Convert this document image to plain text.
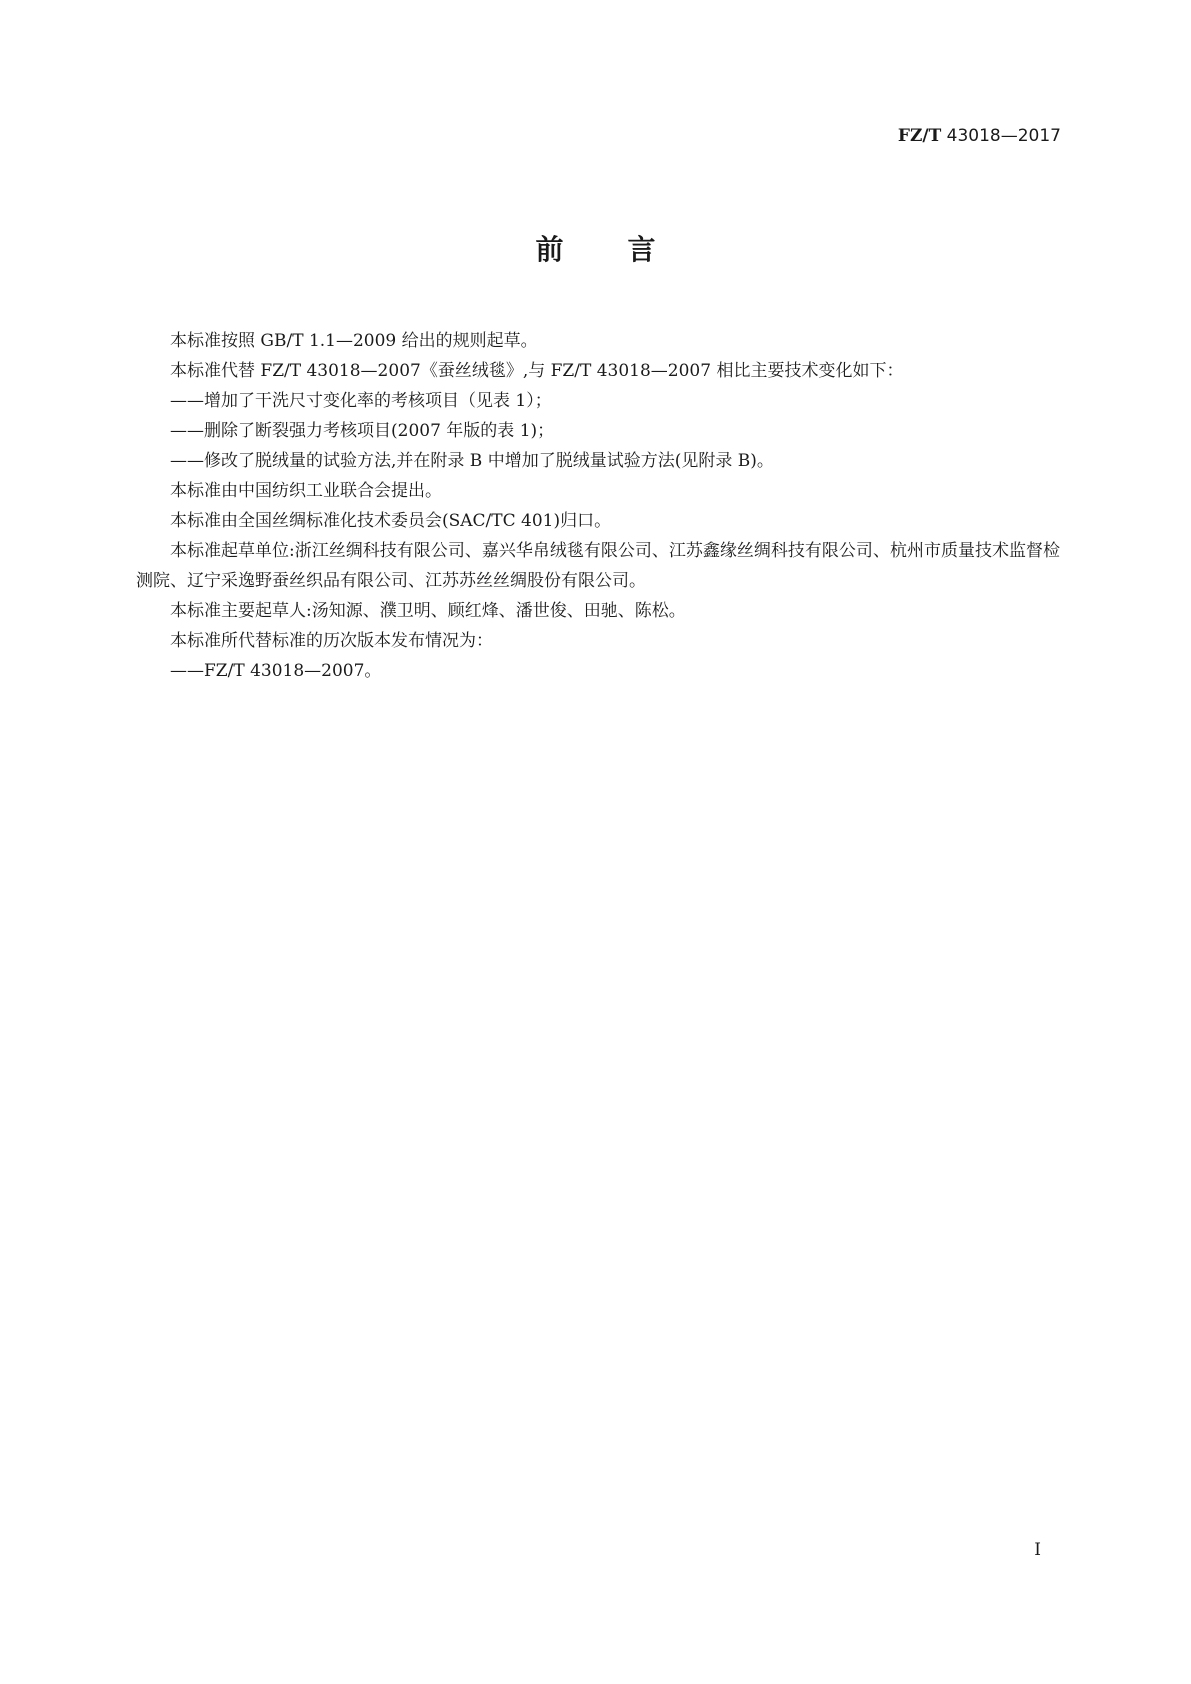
FZ/T 43018—2017
前 言

本标准按照 GB/T 1.1—2009 给出的规则起草。

本标准代替 FZ/T 43018—2007《蚕丝绒毯》,与 FZ/T 43018—2007 相比主要技术变化如下：

——增加了干洗尺寸变化率的考核项目（见表 1）；

——删除了断裂强力考核项目(2007 年版的表 1)；

——修改了脱绒量的试验方法,并在附录 B 中增加了脱绒量试验方法(见附录 B)。

本标准由中国纺织工业联合会提出。

本标准由全国丝绸标准化技术委员会(SAC/TC 401)归口。

本标准起草单位:浙江丝绸科技有限公司、嘉兴华帛绒毯有限公司、江苏鑫缘丝绸科技有限公司、杭州市质量技术监督检测院、辽宁采逸野蚕丝织品有限公司、江苏苏丝丝绸股份有限公司。

本标准主要起草人:汤知源、濮卫明、顾红烽、潘世俊、田驰、陈松。

本标准所代替标准的历次版本发布情况为：

——FZ/T 43018—2007。

I
